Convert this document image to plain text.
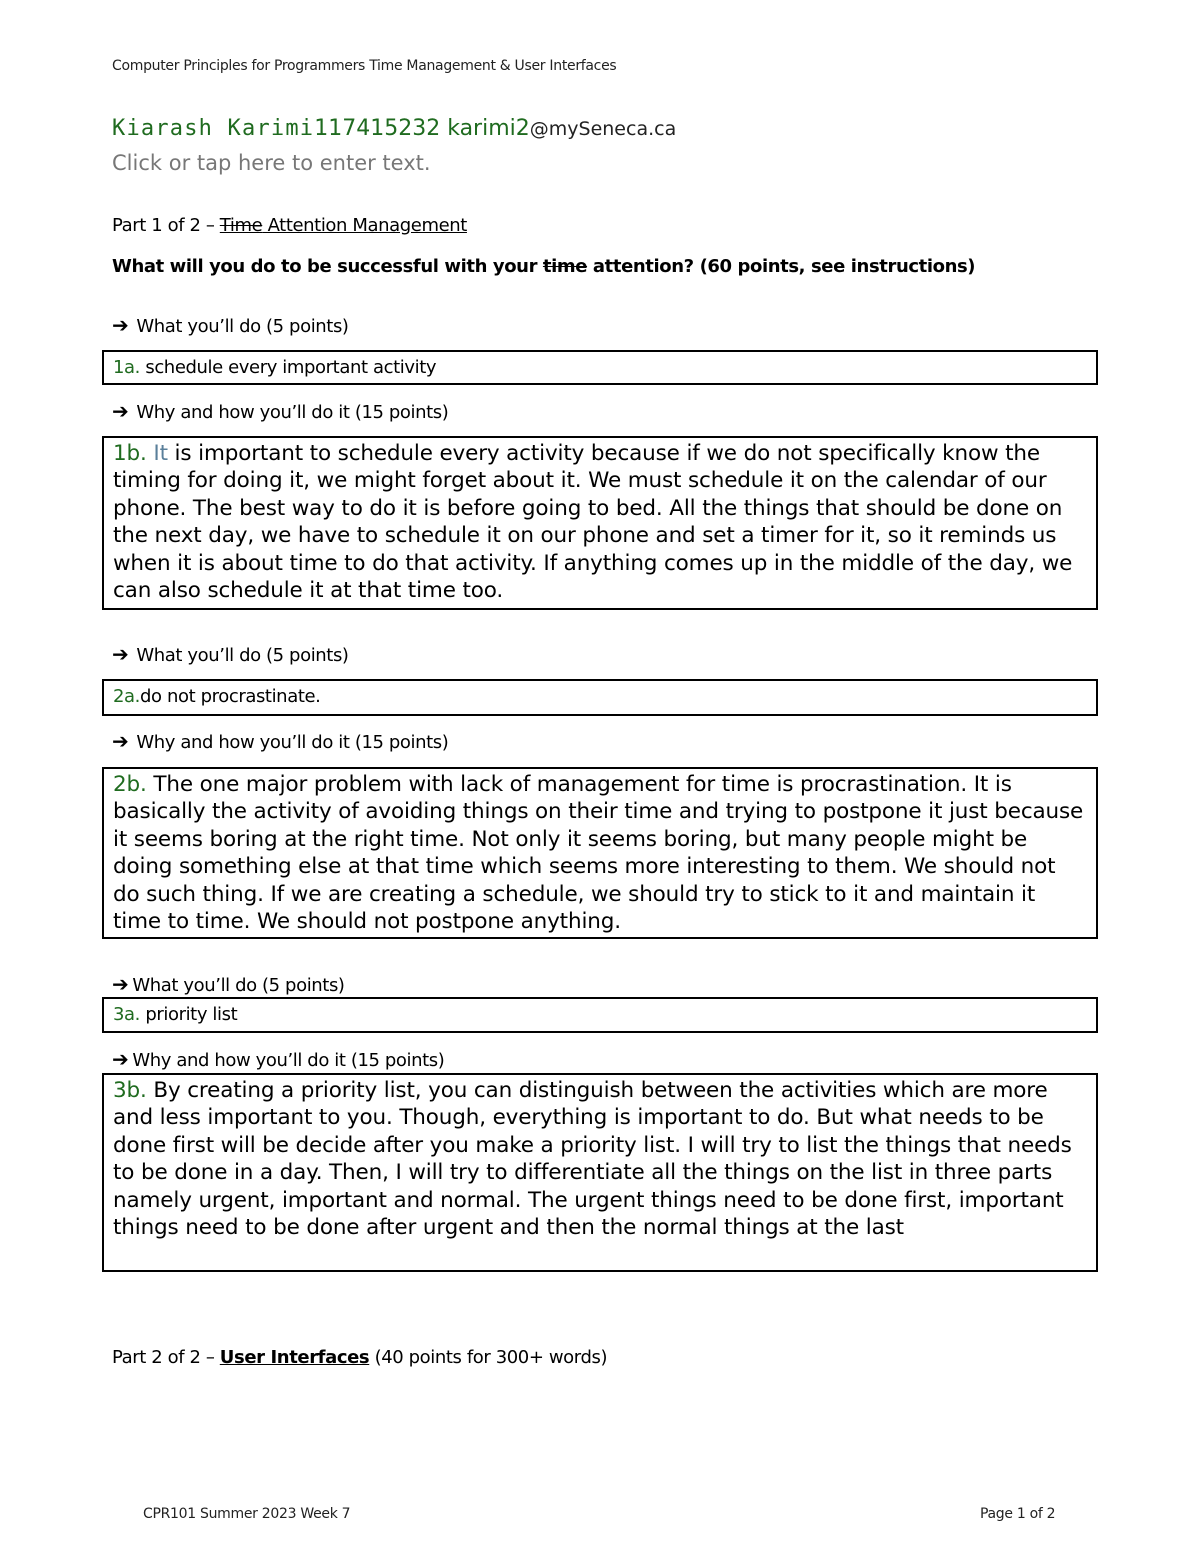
Computer Principles for Programmers Time Management & User Interfaces
Kiarash Karimi117415232 karimi2@mySeneca.ca
Click or tap here to enter text.
Part 1 of 2 – Time Attention Management
What will you do to be successful with your time attention? (60 points, see instructions)
➔ What you’ll do (5 points)
1a. schedule every important activity
➔ Why and how you’ll do it (15 points)
1b. It is important to schedule every activity because if we do not specifically know the timing for doing it, we might forget about it. We must schedule it on the calendar of our phone. The best way to do it is before going to bed. All the things that should be done on the next day, we have to schedule it on our phone and set a timer for it, so it reminds us when it is about time to do that activity. If anything comes up in the middle of the day, we can also schedule it at that time too.
➔ What you’ll do (5 points)
2a.do not procrastinate.
➔ Why and how you’ll do it (15 points)
2b. The one major problem with lack of management for time is procrastination. It is basically the activity of avoiding things on their time and trying to postpone it just because it seems boring at the right time. Not only it seems boring, but many people might be doing something else at that time which seems more interesting to them. We should not do such thing. If we are creating a schedule, we should try to stick to it and maintain it time to time. We should not postpone anything.
➔ What you’ll do (5 points)
3a. priority list
➔ Why and how you’ll do it (15 points)
3b. By creating a priority list, you can distinguish between the activities which are more and less important to you. Though, everything is important to do. But what needs to be done first will be decide after you make a priority list. I will try to list the things that needs to be done in a day. Then, I will try to differentiate all the things on the list in three parts namely urgent, important and normal. The urgent things need to be done first, important things need to be done after urgent and then the normal things at the last
Part 2 of 2 – User Interfaces (40 points for 300+ words)
CPR101 Summer 2023 Week 7	Page 1 of 2
